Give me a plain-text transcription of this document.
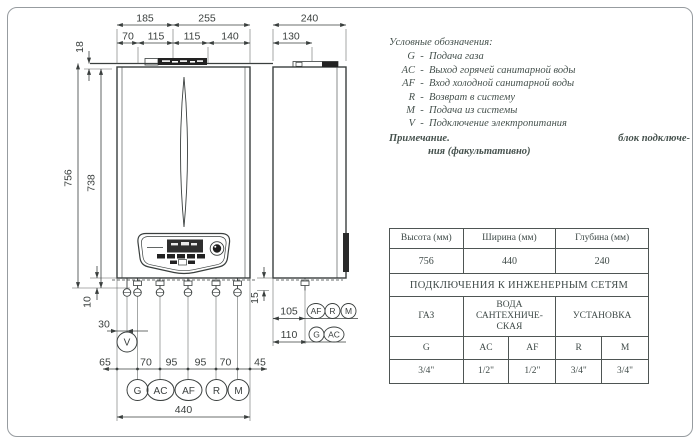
185	255
70 115 115 140
18
756 738
10
30
V
65	70 95 95 70 45
G AC AF R M
440
240
130
15
105 AF R M
110 G AC
Условные обозначения:
G - Подача газа
AC - Выход горячей санитарной воды
AF - Вход холодной санитарной воды
R - Возврат в систему
M - Подача из системы
V - Подключение электропитания
Примечание.	блок подключе-
ния (факультативно)
Высота (мм)	Ширина (мм)		Глубина (мм)	
756	440		240	
ПОДКЛЮЧЕНИЯ К ИНЖЕНЕРНЫМ СЕТЯМ				
ГАЗ	ВОДА САНТЕХНИЧЕ-СКАЯ		УСТАНОВКА	
G	AC	AF	R	M
3/4"	1/2"	1/2"	3/4"	3/4"
